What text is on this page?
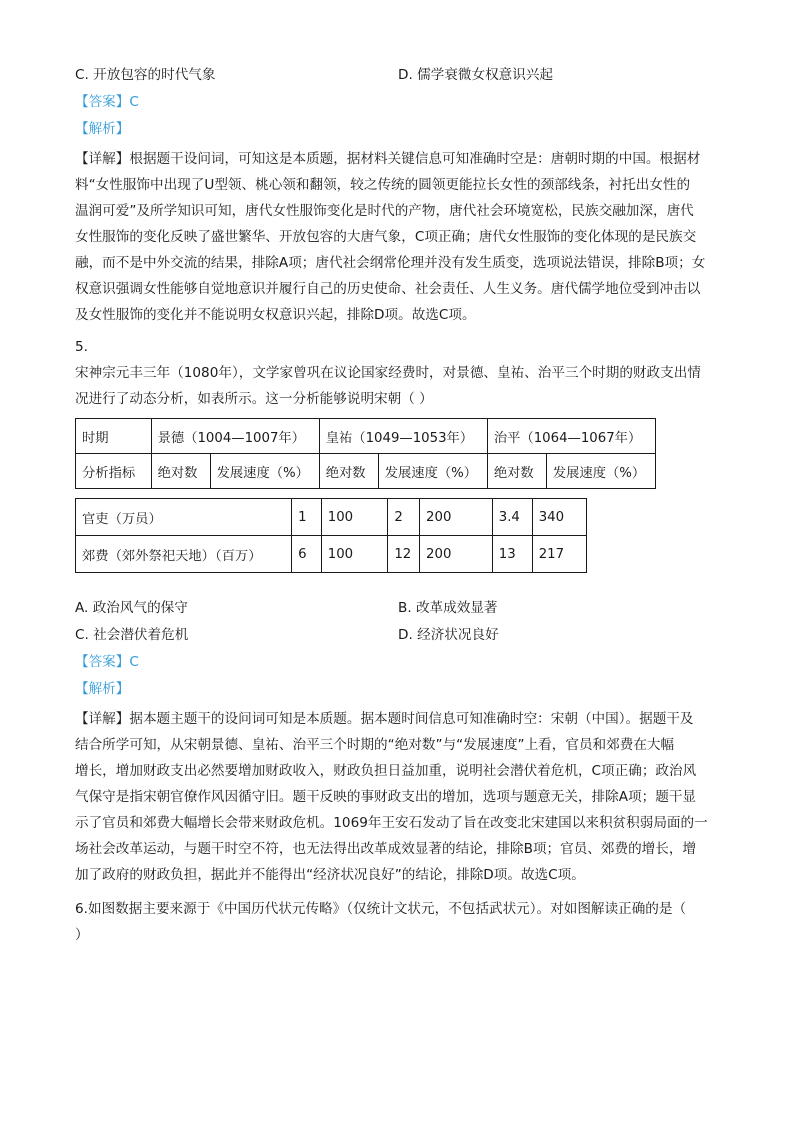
C. 开放包容的时代气象	D. 儒学衰微女权意识兴起
【答案】C
【解析】
【详解】根据题干设问词，可知这是本质题，据材料关键信息可知准确时空是：唐朝时期的中国。根据材
料“女性服饰中出现了U型领、桃心领和翻领，较之传统的圆领更能拉长女性的颈部线条，衬托出女性的
温润可爱”及所学知识可知，唐代女性服饰变化是时代的产物，唐代社会环境宽松，民族交融加深，唐代
女性服饰的变化反映了盛世繁华、开放包容的大唐气象，C项正确；唐代女性服饰的变化体现的是民族交
融，而不是中外交流的结果，排除A项；唐代社会纲常伦理并没有发生质变，选项说法错误，排除B项；女
权意识强调女性能够自觉地意识并履行自己的历史使命、社会责任、人生义务。唐代儒学地位受到冲击以
及女性服饰的变化并不能说明女权意识兴起，排除D项。故选C项。
5.
宋神宗元丰三年（1080年），文学家曾巩在议论国家经费时，对景德、皇祐、治平三个时期的财政支出情
况进行了动态分析，如表所示。这一分析能够说明宋朝（ ）
时期	景德（1004—1007年）		皇祐（1049—1053年）		治平（1064—1067年）	
分析指标	绝对数	发展速度（%）	绝对数	发展速度（%）	绝对数	发展速度（%）
官吏（万员）	1	100	2	200	3.4	340
郊费（郊外祭祀天地）（百万）	6	100	12	200	13	217
A. 政治风气的保守	B. 改革成效显著
C. 社会潜伏着危机	D. 经济状况良好
【答案】C
【解析】
【详解】据本题主题干的设问词可知是本质题。据本题时间信息可知准确时空：宋朝（中国）。据题干及
结合所学可知，从宋朝景德、皇祐、治平三个时期的“绝对数”与“发展速度”上看，官员和郊费在大幅
增长，增加财政支出必然要增加财政收入，财政负担日益加重，说明社会潜伏着危机，C项正确；政治风
气保守是指宋朝官僚作风因循守旧。题干反映的事财政支出的增加，选项与题意无关，排除A项；题干显
示了官员和郊费大幅增长会带来财政危机。1069年王安石发动了旨在改变北宋建国以来积贫积弱局面的一
场社会改革运动，与题干时空不符，也无法得出改革成效显著的结论，排除B项；官员、郊费的增长，增
加了政府的财政负担，据此并不能得出“经济状况良好”的结论，排除D项。故选C项。
6.如图数据主要来源于《中国历代状元传略》（仅统计文状元，不包括武状元）。对如图解读正确的是（
）
